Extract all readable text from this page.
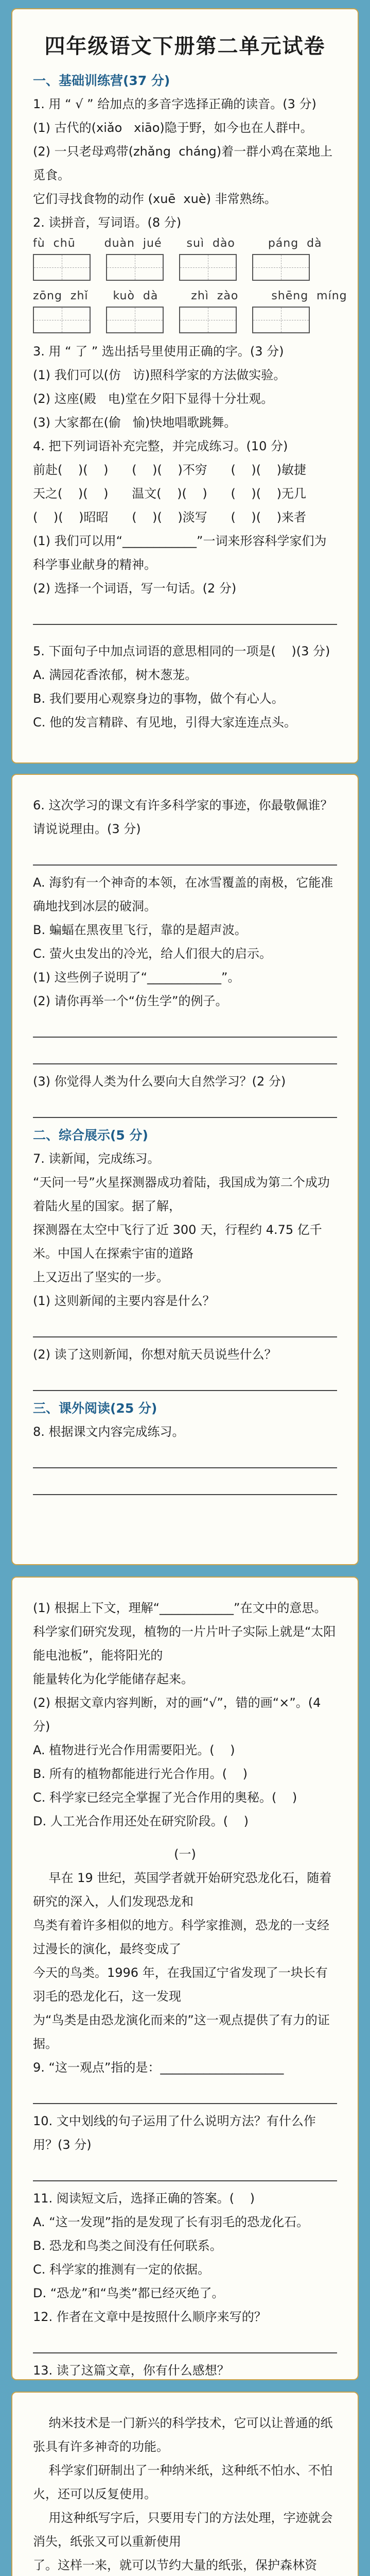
四年级语文下册第二单元试卷
一、基础训练营(37 分)
1. 用 “ √ ” 给加点的多音字选择正确的读音。(3 分)
(1) 古代的(xiǎo   xiāo)隐于野，如今也在人群中。
(2) 一只老母鸡带(zhǎng  cháng)着一群小鸡在菜地上觅食。
它们寻找食物的动作 (xuē  xuè) 非常熟练。
2. 读拼音，写词语。(8 分)
fù  chū       duàn  jué      suì  dào        páng  dà
zōng  zhǐ      kuò  dà        zhì  zào        shēng  míng
3. 用 “ 了 ” 选出括号里使用正确的字。(3 分)
(1) 我们可以(仿   访)照科学家的方法做实验。
(2) 这座(殿   电)堂在夕阳下显得十分壮观。
(3) 大家都在(偷   愉)快地唱歌跳舞。
4. 把下列词语补充完整，并完成练习。(10 分)
前赴(    )(    )      (    )(    )不穷      (    )(    )敏捷
天之(    )(    )      温文(    )(    )      (    )(    )无几
(    )(    )昭昭      (    )(    )淡写      (    )(    )来者
(1) 我们可以用“____________”一词来形容科学家们为科学事业献身的精神。
(2) 选择一个词语，写一句话。(2 分)
5. 下面句子中加点词语的意思相同的一项是(    )(3 分)
A. 满园花香浓郁，树木葱茏。
B. 我们要用心观察身边的事物，做个有心人。
C. 他的发言精辟、有见地，引得大家连连点头。
6. 这次学习的课文有许多科学家的事迹，你最敬佩谁？请说说理由。(3 分)
A. 海豹有一个神奇的本领，在冰雪覆盖的南极，它能准确地找到冰层的破洞。
B. 蝙蝠在黑夜里飞行，靠的是超声波。
C. 萤火虫发出的冷光，给人们很大的启示。
(1) 这些例子说明了“____________”。
(2) 请你再举一个“仿生学”的例子。
(3) 你觉得人类为什么要向大自然学习？(2 分)
二、综合展示(5 分)
7. 读新闻，完成练习。
“天问一号”火星探测器成功着陆，我国成为第二个成功着陆火星的国家。据了解，
探测器在太空中飞行了近 300 天，行程约 4.75 亿千米。中国人在探索宇宙的道路
上又迈出了坚实的一步。
(1) 这则新闻的主要内容是什么？
(2) 读了这则新闻，你想对航天员说些什么？
三、课外阅读(25 分)
8. 根据课文内容完成练习。
(1) 根据上下文，理解“____________”在文中的意思。
科学家们研究发现，植物的一片片叶子实际上就是“太阳能电池板”，能将阳光的
能量转化为化学能储存起来。
(2) 根据文章内容判断，对的画“√”，错的画“×”。(4 分)
A. 植物进行光合作用需要阳光。(    )
B. 所有的植物都能进行光合作用。(    )
C. 科学家已经完全掌握了光合作用的奥秘。(    )
D. 人工光合作用还处在研究阶段。(    )
(一)
早在 19 世纪，英国学者就开始研究恐龙化石，随着研究的深入，人们发现恐龙和
鸟类有着许多相似的地方。科学家推测，恐龙的一支经过漫长的演化，最终变成了
今天的鸟类。1996 年，在我国辽宁省发现了一块长有羽毛的恐龙化石，这一发现
为“鸟类是由恐龙演化而来的”这一观点提供了有力的证据。
9. “这一观点”指的是：____________________
10. 文中划线的句子运用了什么说明方法？有什么作用？(3 分)
11. 阅读短文后，选择正确的答案。(    )
A. “这一发现”指的是发现了长有羽毛的恐龙化石。
B. 恐龙和鸟类之间没有任何联系。
C. 科学家的推测有一定的依据。
D. “恐龙”和“鸟类”都已经灭绝了。
12. 作者在文章中是按照什么顺序来写的？
13. 读了这篇文章，你有什么感想？
纳米技术是一门新兴的科学技术，它可以让普通的纸张具有许多神奇的功能。
科学家们研制出了一种纳米纸，这种纸不怕水、不怕火，还可以反复使用。
用这种纸写字后，只要用专门的方法处理，字迹就会消失，纸张又可以重新使用
了。这样一来，就可以节约大量的纸张，保护森林资
